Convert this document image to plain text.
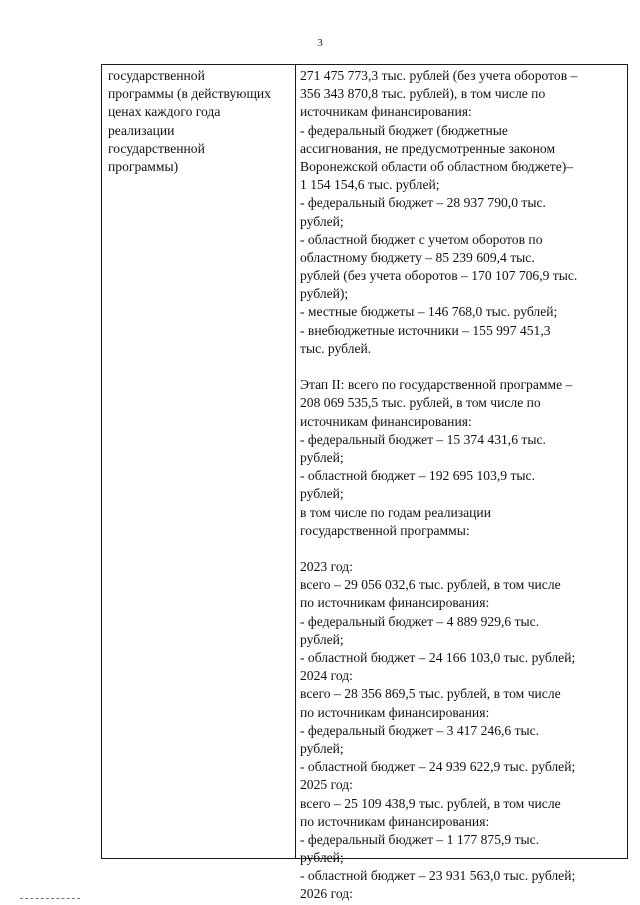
3
государственной
программы (в действующих
ценах каждого года
реализации
государственной
программы)
271 475 773,3 тыс. рублей (без учета оборотов –
356 343 870,8 тыс. рублей), в том числе по
источникам финансирования:
- федеральный бюджет (бюджетные
ассигнования, не предусмотренные законом
Воронежской области об областном бюджете)–
1 154 154,6 тыс. рублей;
- федеральный бюджет – 28 937 790,0 тыс.
рублей;
- областной бюджет с учетом оборотов по
областному бюджету – 85 239 609,4 тыс.
рублей (без учета оборотов – 170 107 706,9 тыс.
рублей);
- местные бюджеты – 146 768,0 тыс. рублей;
- внебюджетные источники – 155 997 451,3
тыс. рублей.
Этап II: всего по государственной программе –
208 069 535,5 тыс. рублей, в том числе по
источникам финансирования:
- федеральный бюджет – 15 374 431,6 тыс.
рублей;
- областной бюджет – 192 695 103,9 тыс.
рублей;
в том числе по годам реализации
государственной программы:
2023 год:
всего – 29 056 032,6 тыс. рублей, в том числе
по источникам финансирования:
- федеральный бюджет – 4 889 929,6 тыс.
рублей;
- областной бюджет – 24 166 103,0 тыс. рублей;
2024 год:
всего – 28 356 869,5 тыс. рублей, в том числе
по источникам финансирования:
- федеральный бюджет – 3 417 246,6 тыс.
рублей;
- областной бюджет – 24 939 622,9 тыс. рублей;
2025 год:
всего – 25 109 438,9 тыс. рублей, в том числе
по источникам финансирования:
- федеральный бюджет – 1 177 875,9 тыс.
рублей;
- областной бюджет – 23 931 563,0 тыс. рублей;
2026 год:
